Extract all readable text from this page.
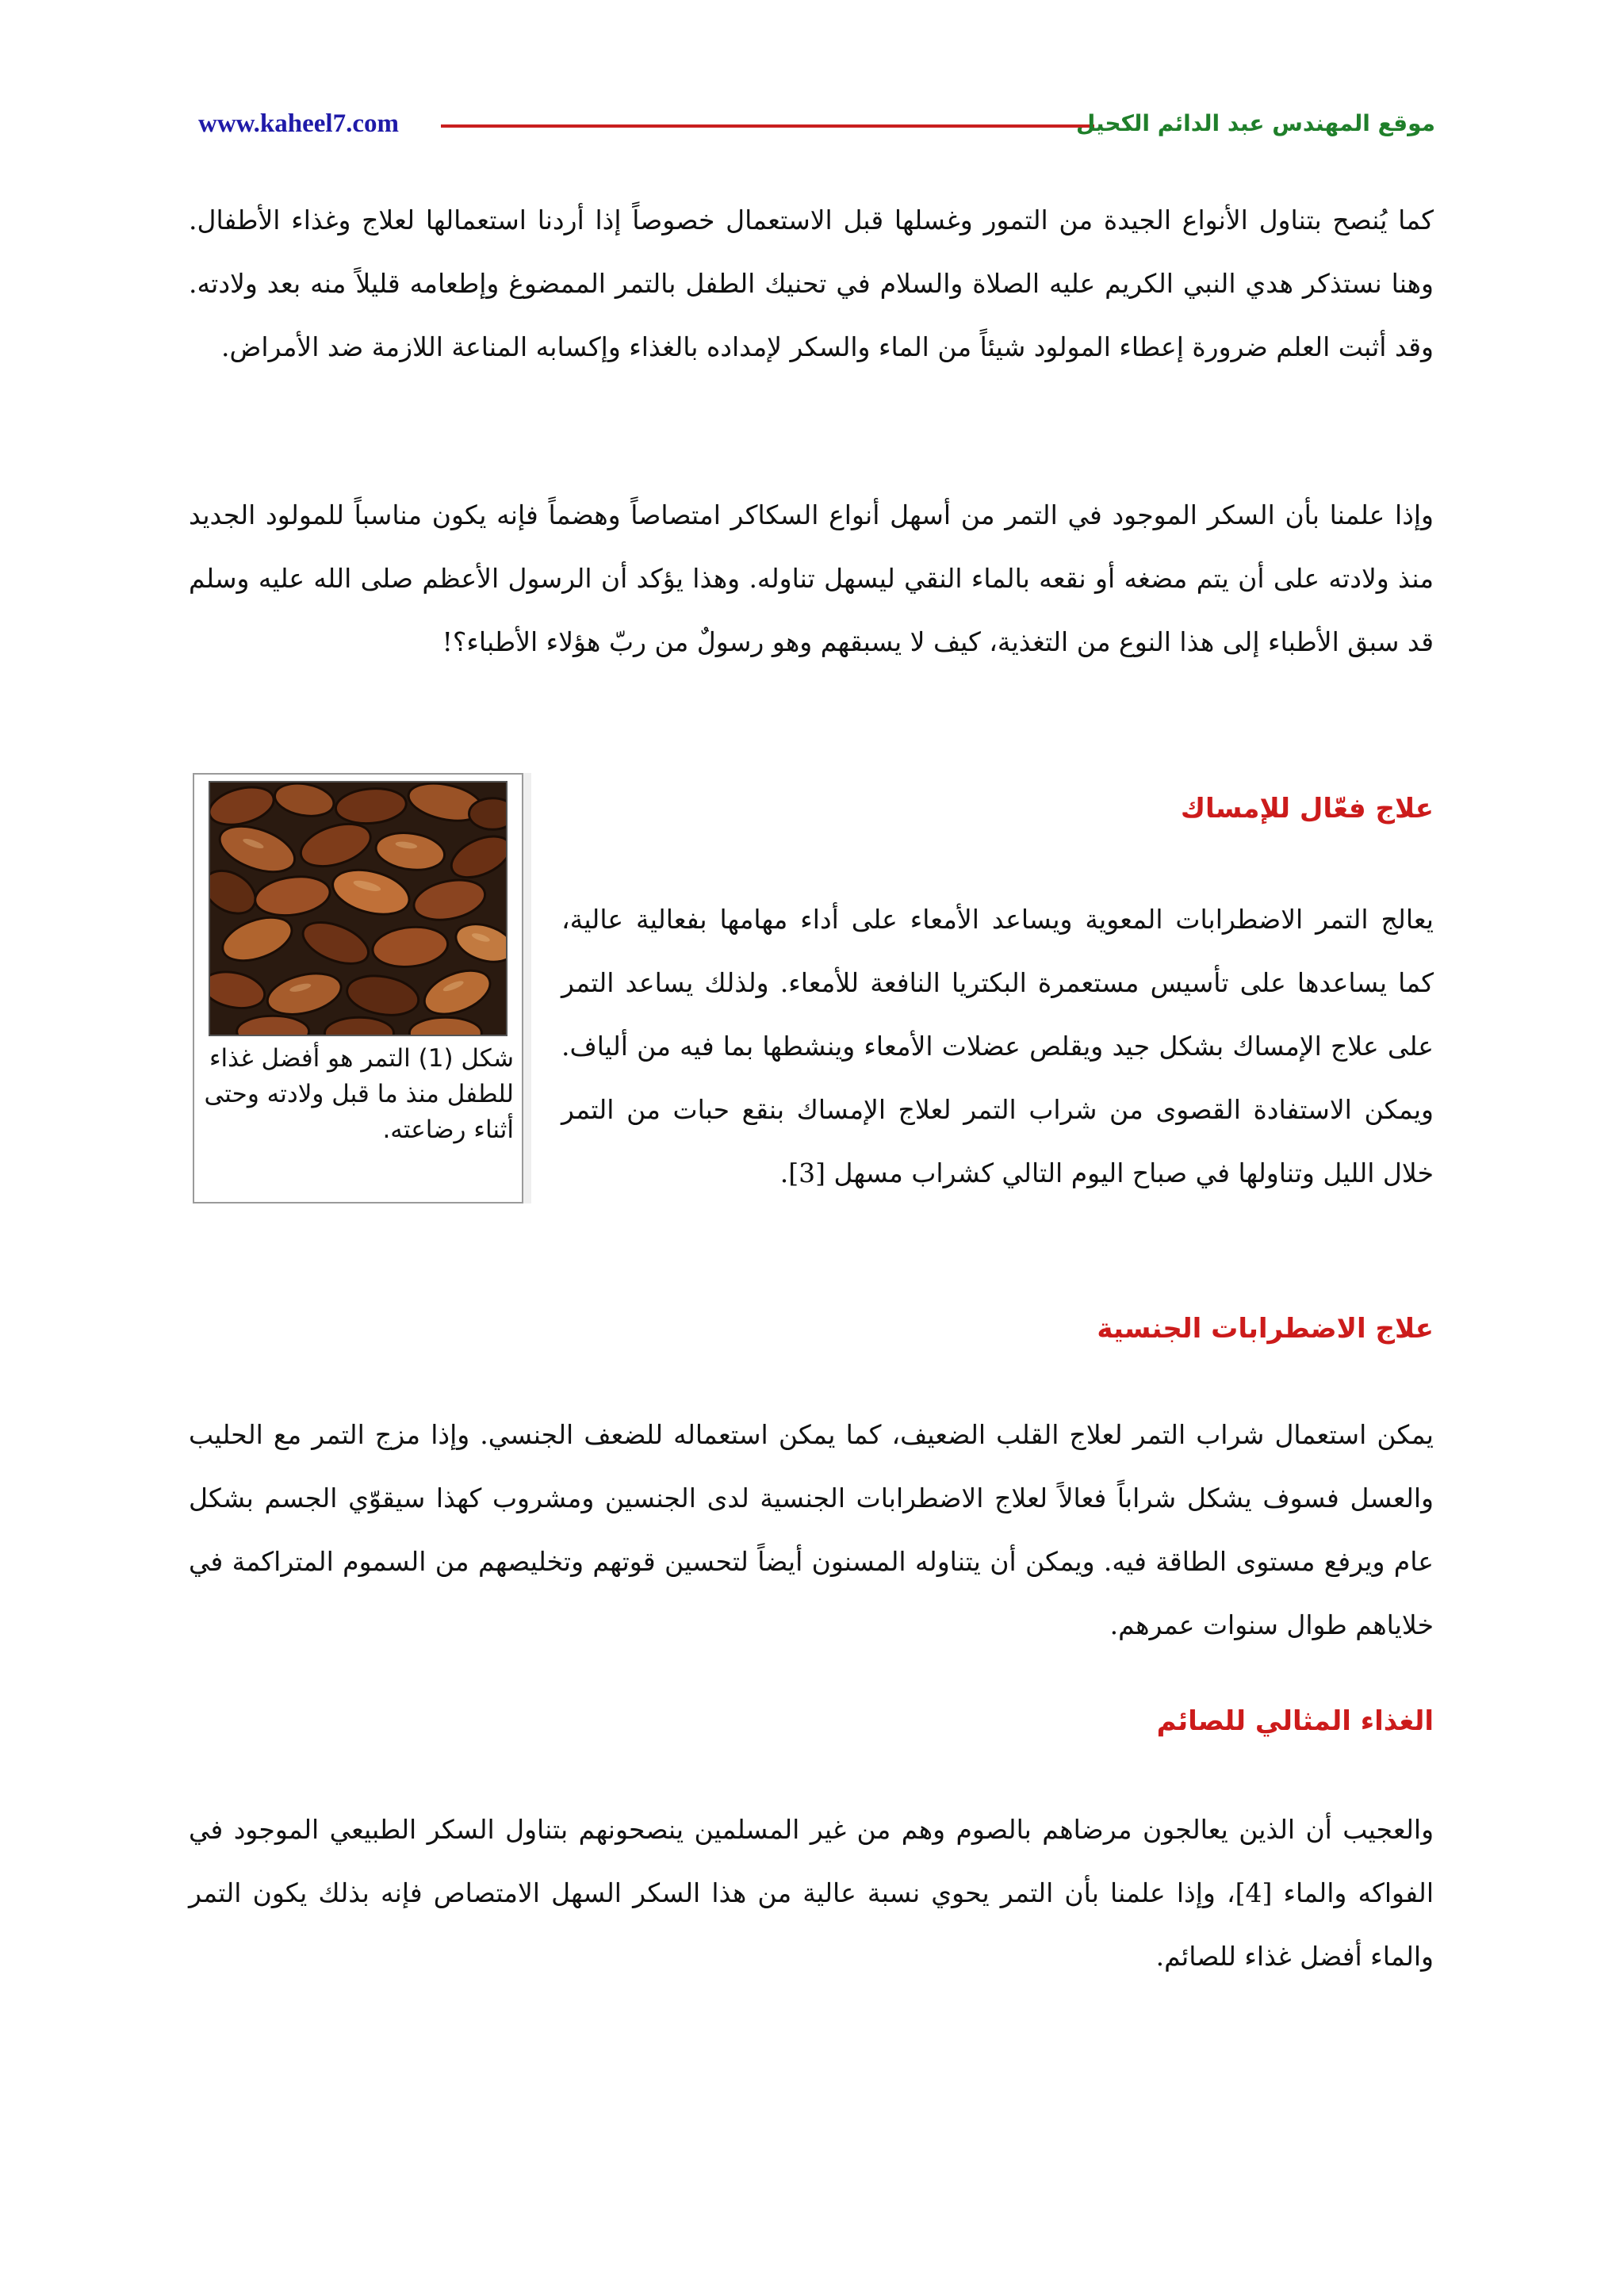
www.kaheel7.com	موقع المهندس عبد الدائم الكحيل

كما يُنصح بتناول الأنواع الجيدة من التمور وغسلها قبل الاستعمال خصوصاً إذا أردنا استعمالها لعلاج وغذاء الأطفال. وهنا نستذكر هدي النبي الكريم عليه الصلاة والسلام في تحنيك الطفل بالتمر الممضوغ وإطعامه قليلاً منه بعد ولادته. وقد أثبت العلم ضرورة إعطاء المولود شيئاً من الماء والسكر لإمداده بالغذاء وإكسابه المناعة اللازمة ضد الأمراض.

وإذا علمنا بأن السكر الموجود في التمر من أسهل أنواع السكاكر امتصاصاً وهضماً فإنه يكون مناسباً للمولود الجديد منذ ولادته على أن يتم مضغه أو نقعه بالماء النقي ليسهل تناوله. وهذا يؤكد أن الرسول الأعظم صلى الله عليه وسلم قد سبق الأطباء إلى هذا النوع من التغذية، كيف لا يسبقهم وهو رسولٌ من ربّ هؤلاء الأطباء؟!

علاج فعّال للإمساك

يعالج التمر الاضطرابات المعوية ويساعد الأمعاء على أداء مهامها بفعالية عالية، كما يساعدها على تأسيس مستعمرة البكتريا النافعة للأمعاء. ولذلك يساعد التمر على علاج الإمساك بشكل جيد ويقلص عضلات الأمعاء وينشطها بما فيه من ألياف. ويمكن الاستفادة القصوى من شراب التمر لعلاج الإمساك بنقع حبات من التمر خلال الليل وتناولها في صباح اليوم التالي كشراب مسهل [3].

شكل (1) التمر هو أفضل غذاء للطفل منذ ما قبل ولادته وحتى أثناء رضاعته.
علاج الاضطرابات الجنسية

يمكن استعمال شراب التمر لعلاج القلب الضعيف، كما يمكن استعماله للضعف الجنسي. وإذا مزج التمر مع الحليب والعسل فسوف يشكل شراباً فعالاً لعلاج الاضطرابات الجنسية لدى الجنسين ومشروب كهذا سيقوّي الجسم بشكل عام ويرفع مستوى الطاقة فيه. ويمكن أن يتناوله المسنون أيضاً لتحسين قوتهم وتخليصهم من السموم المتراكمة في خلاياهم طوال سنوات عمرهم.

الغذاء المثالي للصائم

والعجيب أن الذين يعالجون مرضاهم بالصوم وهم من غير المسلمين ينصحونهم بتناول السكر الطبيعي الموجود في الفواكه والماء [4]، وإذا علمنا بأن التمر يحوي نسبة عالية من هذا السكر السهل الامتصاص فإنه بذلك يكون التمر والماء أفضل غذاء للصائم.
